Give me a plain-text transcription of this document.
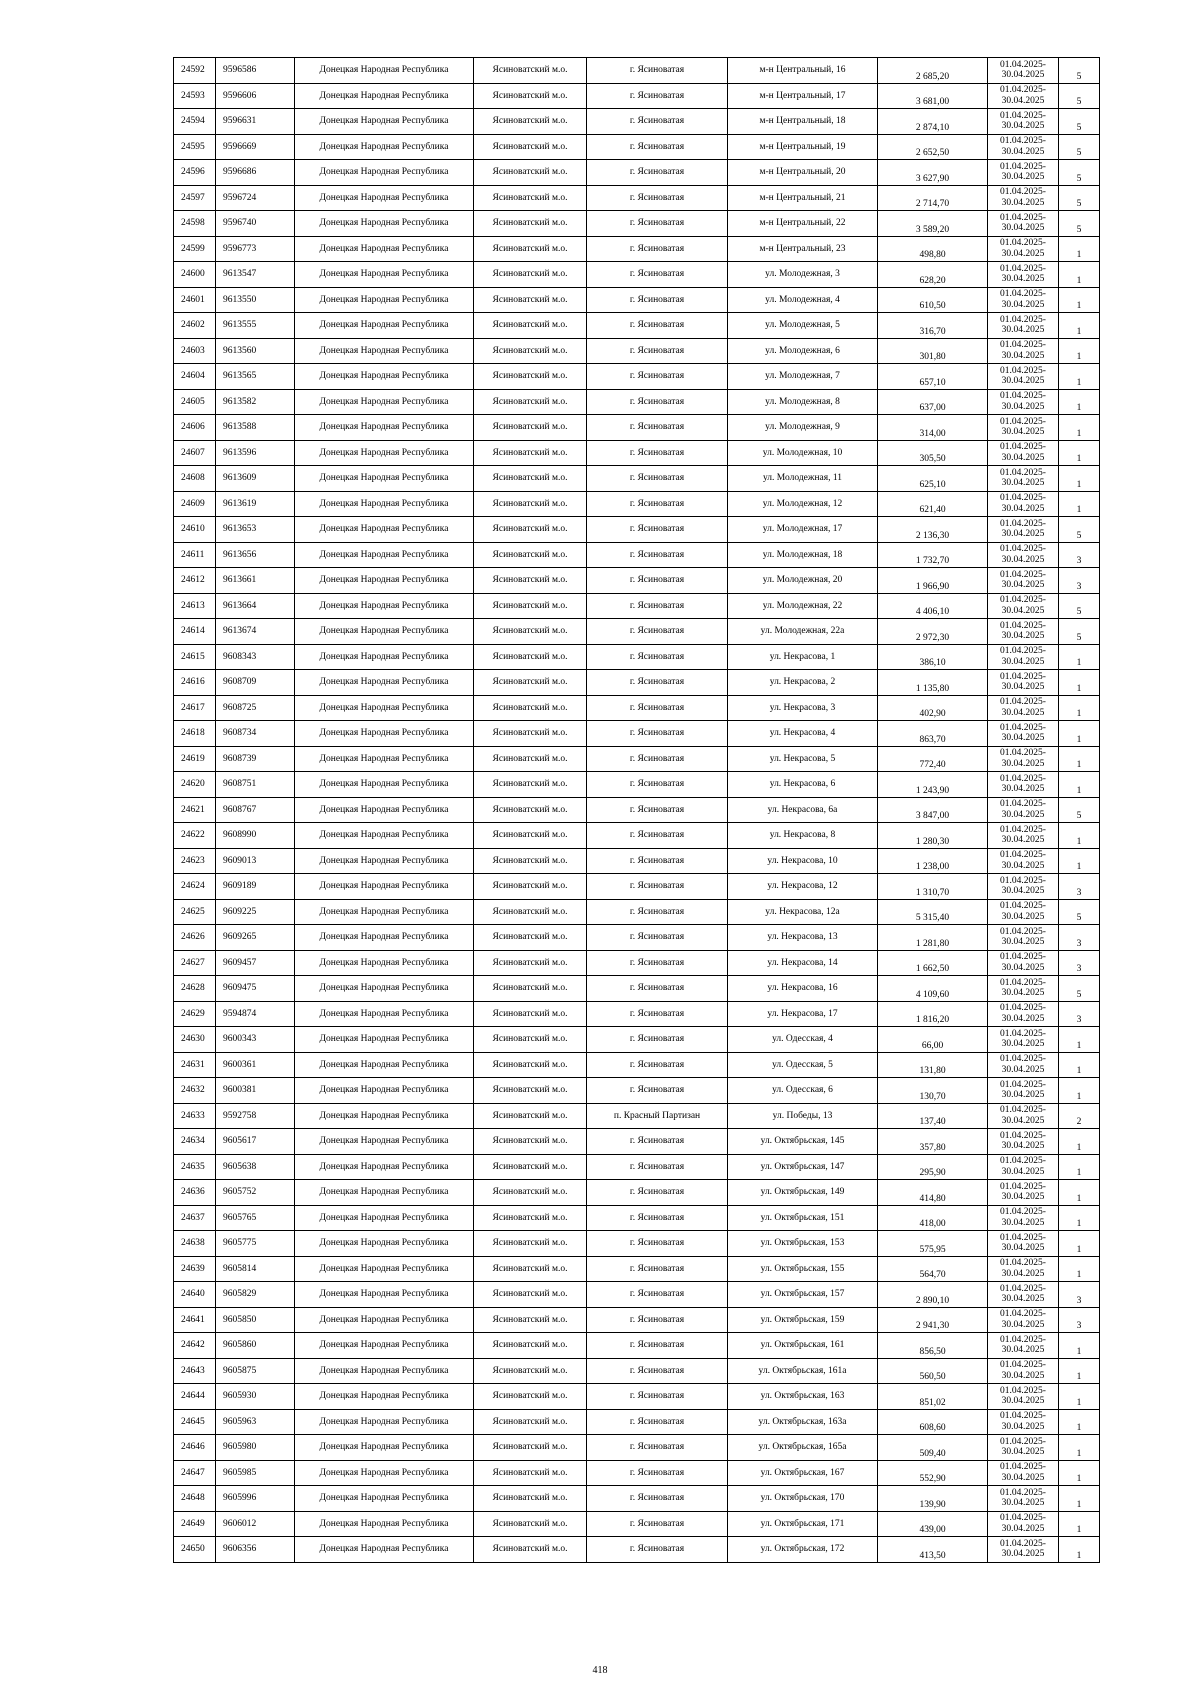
24592	9596586	Донецкая Народная Республика	Ясиноватский м.о.	г. Ясиноватая	м-н Центральный, 16	2 685,20	01.04.2025-
30.04.2025	5
24593	9596606	Донецкая Народная Республика	Ясиноватский м.о.	г. Ясиноватая	м-н Центральный, 17	3 681,00	01.04.2025-
30.04.2025	5
24594	9596631	Донецкая Народная Республика	Ясиноватский м.о.	г. Ясиноватая	м-н Центральный, 18	2 874,10	01.04.2025-
30.04.2025	5
24595	9596669	Донецкая Народная Республика	Ясиноватский м.о.	г. Ясиноватая	м-н Центральный, 19	2 652,50	01.04.2025-
30.04.2025	5
24596	9596686	Донецкая Народная Республика	Ясиноватский м.о.	г. Ясиноватая	м-н Центральный, 20	3 627,90	01.04.2025-
30.04.2025	5
24597	9596724	Донецкая Народная Республика	Ясиноватский м.о.	г. Ясиноватая	м-н Центральный, 21	2 714,70	01.04.2025-
30.04.2025	5
24598	9596740	Донецкая Народная Республика	Ясиноватский м.о.	г. Ясиноватая	м-н Центральный, 22	3 589,20	01.04.2025-
30.04.2025	5
24599	9596773	Донецкая Народная Республика	Ясиноватский м.о.	г. Ясиноватая	м-н Центральный, 23	498,80	01.04.2025-
30.04.2025	1
24600	9613547	Донецкая Народная Республика	Ясиноватский м.о.	г. Ясиноватая	ул. Молодежная, 3	628,20	01.04.2025-
30.04.2025	1
24601	9613550	Донецкая Народная Республика	Ясиноватский м.о.	г. Ясиноватая	ул. Молодежная, 4	610,50	01.04.2025-
30.04.2025	1
24602	9613555	Донецкая Народная Республика	Ясиноватский м.о.	г. Ясиноватая	ул. Молодежная, 5	316,70	01.04.2025-
30.04.2025	1
24603	9613560	Донецкая Народная Республика	Ясиноватский м.о.	г. Ясиноватая	ул. Молодежная, 6	301,80	01.04.2025-
30.04.2025	1
24604	9613565	Донецкая Народная Республика	Ясиноватский м.о.	г. Ясиноватая	ул. Молодежная, 7	657,10	01.04.2025-
30.04.2025	1
24605	9613582	Донецкая Народная Республика	Ясиноватский м.о.	г. Ясиноватая	ул. Молодежная, 8	637,00	01.04.2025-
30.04.2025	1
24606	9613588	Донецкая Народная Республика	Ясиноватский м.о.	г. Ясиноватая	ул. Молодежная, 9	314,00	01.04.2025-
30.04.2025	1
24607	9613596	Донецкая Народная Республика	Ясиноватский м.о.	г. Ясиноватая	ул. Молодежная, 10	305,50	01.04.2025-
30.04.2025	1
24608	9613609	Донецкая Народная Республика	Ясиноватский м.о.	г. Ясиноватая	ул. Молодежная, 11	625,10	01.04.2025-
30.04.2025	1
24609	9613619	Донецкая Народная Республика	Ясиноватский м.о.	г. Ясиноватая	ул. Молодежная, 12	621,40	01.04.2025-
30.04.2025	1
24610	9613653	Донецкая Народная Республика	Ясиноватский м.о.	г. Ясиноватая	ул. Молодежная, 17	2 136,30	01.04.2025-
30.04.2025	5
24611	9613656	Донецкая Народная Республика	Ясиноватский м.о.	г. Ясиноватая	ул. Молодежная, 18	1 732,70	01.04.2025-
30.04.2025	3
24612	9613661	Донецкая Народная Республика	Ясиноватский м.о.	г. Ясиноватая	ул. Молодежная, 20	1 966,90	01.04.2025-
30.04.2025	3
24613	9613664	Донецкая Народная Республика	Ясиноватский м.о.	г. Ясиноватая	ул. Молодежная, 22	4 406,10	01.04.2025-
30.04.2025	5
24614	9613674	Донецкая Народная Республика	Ясиноватский м.о.	г. Ясиноватая	ул. Молодежная, 22а	2 972,30	01.04.2025-
30.04.2025	5
24615	9608343	Донецкая Народная Республика	Ясиноватский м.о.	г. Ясиноватая	ул. Некрасова, 1	386,10	01.04.2025-
30.04.2025	1
24616	9608709	Донецкая Народная Республика	Ясиноватский м.о.	г. Ясиноватая	ул. Некрасова, 2	1 135,80	01.04.2025-
30.04.2025	1
24617	9608725	Донецкая Народная Республика	Ясиноватский м.о.	г. Ясиноватая	ул. Некрасова, 3	402,90	01.04.2025-
30.04.2025	1
24618	9608734	Донецкая Народная Республика	Ясиноватский м.о.	г. Ясиноватая	ул. Некрасова, 4	863,70	01.04.2025-
30.04.2025	1
24619	9608739	Донецкая Народная Республика	Ясиноватский м.о.	г. Ясиноватая	ул. Некрасова, 5	772,40	01.04.2025-
30.04.2025	1
24620	9608751	Донецкая Народная Республика	Ясиноватский м.о.	г. Ясиноватая	ул. Некрасова, 6	1 243,90	01.04.2025-
30.04.2025	1
24621	9608767	Донецкая Народная Республика	Ясиноватский м.о.	г. Ясиноватая	ул. Некрасова, 6а	3 847,00	01.04.2025-
30.04.2025	5
24622	9608990	Донецкая Народная Республика	Ясиноватский м.о.	г. Ясиноватая	ул. Некрасова, 8	1 280,30	01.04.2025-
30.04.2025	1
24623	9609013	Донецкая Народная Республика	Ясиноватский м.о.	г. Ясиноватая	ул. Некрасова, 10	1 238,00	01.04.2025-
30.04.2025	1
24624	9609189	Донецкая Народная Республика	Ясиноватский м.о.	г. Ясиноватая	ул. Некрасова, 12	1 310,70	01.04.2025-
30.04.2025	3
24625	9609225	Донецкая Народная Республика	Ясиноватский м.о.	г. Ясиноватая	ул. Некрасова, 12а	5 315,40	01.04.2025-
30.04.2025	5
24626	9609265	Донецкая Народная Республика	Ясиноватский м.о.	г. Ясиноватая	ул. Некрасова, 13	1 281,80	01.04.2025-
30.04.2025	3
24627	9609457	Донецкая Народная Республика	Ясиноватский м.о.	г. Ясиноватая	ул. Некрасова, 14	1 662,50	01.04.2025-
30.04.2025	3
24628	9609475	Донецкая Народная Республика	Ясиноватский м.о.	г. Ясиноватая	ул. Некрасова, 16	4 109,60	01.04.2025-
30.04.2025	5
24629	9594874	Донецкая Народная Республика	Ясиноватский м.о.	г. Ясиноватая	ул. Некрасова, 17	1 816,20	01.04.2025-
30.04.2025	3
24630	9600343	Донецкая Народная Республика	Ясиноватский м.о.	г. Ясиноватая	ул. Одесская, 4	66,00	01.04.2025-
30.04.2025	1
24631	9600361	Донецкая Народная Республика	Ясиноватский м.о.	г. Ясиноватая	ул. Одесская, 5	131,80	01.04.2025-
30.04.2025	1
24632	9600381	Донецкая Народная Республика	Ясиноватский м.о.	г. Ясиноватая	ул. Одесская, 6	130,70	01.04.2025-
30.04.2025	1
24633	9592758	Донецкая Народная Республика	Ясиноватский м.о.	п. Красный Партизан	ул. Победы, 13	137,40	01.04.2025-
30.04.2025	2
24634	9605617	Донецкая Народная Республика	Ясиноватский м.о.	г. Ясиноватая	ул. Октябрьская, 145	357,80	01.04.2025-
30.04.2025	1
24635	9605638	Донецкая Народная Республика	Ясиноватский м.о.	г. Ясиноватая	ул. Октябрьская, 147	295,90	01.04.2025-
30.04.2025	1
24636	9605752	Донецкая Народная Республика	Ясиноватский м.о.	г. Ясиноватая	ул. Октябрьская, 149	414,80	01.04.2025-
30.04.2025	1
24637	9605765	Донецкая Народная Республика	Ясиноватский м.о.	г. Ясиноватая	ул. Октябрьская, 151	418,00	01.04.2025-
30.04.2025	1
24638	9605775	Донецкая Народная Республика	Ясиноватский м.о.	г. Ясиноватая	ул. Октябрьская, 153	575,95	01.04.2025-
30.04.2025	1
24639	9605814	Донецкая Народная Республика	Ясиноватский м.о.	г. Ясиноватая	ул. Октябрьская, 155	564,70	01.04.2025-
30.04.2025	1
24640	9605829	Донецкая Народная Республика	Ясиноватский м.о.	г. Ясиноватая	ул. Октябрьская, 157	2 890,10	01.04.2025-
30.04.2025	3
24641	9605850	Донецкая Народная Республика	Ясиноватский м.о.	г. Ясиноватая	ул. Октябрьская, 159	2 941,30	01.04.2025-
30.04.2025	3
24642	9605860	Донецкая Народная Республика	Ясиноватский м.о.	г. Ясиноватая	ул. Октябрьская, 161	856,50	01.04.2025-
30.04.2025	1
24643	9605875	Донецкая Народная Республика	Ясиноватский м.о.	г. Ясиноватая	ул. Октябрьская, 161а	560,50	01.04.2025-
30.04.2025	1
24644	9605930	Донецкая Народная Республика	Ясиноватский м.о.	г. Ясиноватая	ул. Октябрьская, 163	851,02	01.04.2025-
30.04.2025	1
24645	9605963	Донецкая Народная Республика	Ясиноватский м.о.	г. Ясиноватая	ул. Октябрьская, 163а	608,60	01.04.2025-
30.04.2025	1
24646	9605980	Донецкая Народная Республика	Ясиноватский м.о.	г. Ясиноватая	ул. Октябрьская, 165а	509,40	01.04.2025-
30.04.2025	1
24647	9605985	Донецкая Народная Республика	Ясиноватский м.о.	г. Ясиноватая	ул. Октябрьская, 167	552,90	01.04.2025-
30.04.2025	1
24648	9605996	Донецкая Народная Республика	Ясиноватский м.о.	г. Ясиноватая	ул. Октябрьская, 170	139,90	01.04.2025-
30.04.2025	1
24649	9606012	Донецкая Народная Республика	Ясиноватский м.о.	г. Ясиноватая	ул. Октябрьская, 171	439,00	01.04.2025-
30.04.2025	1
24650	9606356	Донецкая Народная Республика	Ясиноватский м.о.	г. Ясиноватая	ул. Октябрьская, 172	413,50	01.04.2025-
30.04.2025	1
418
